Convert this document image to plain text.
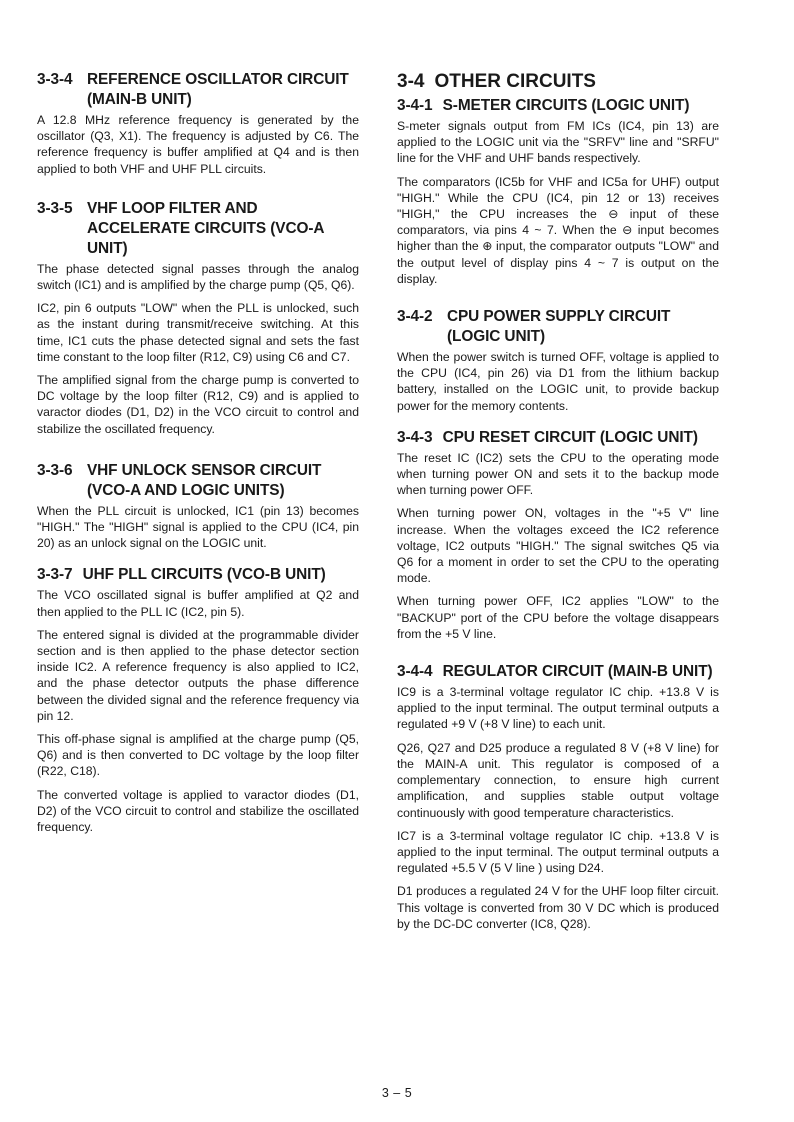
3-3-4 REFERENCE OSCILLATOR CIRCUIT (MAIN-B UNIT)

A 12.8 MHz reference frequency is generated by the oscillator (Q3, X1). The frequency is adjusted by C6. The reference frequency is buffer amplified at Q4 and is then applied to both VHF and UHF PLL circuits.

3-3-5 VHF LOOP FILTER AND ACCELERATE CIRCUITS (VCO-A UNIT)

The phase detected signal passes through the analog switch (IC1) and is amplified by the charge pump (Q5, Q6).

IC2, pin 6 outputs "LOW" when the PLL is unlocked, such as the instant during transmit/receive switching. At this time, IC1 cuts the phase detected signal and sets the fast time constant to the loop filter (R12, C9) using C6 and C7.

The amplified signal from the charge pump is converted to DC voltage by the loop filter (R12, C9) and is applied to varactor diodes (D1, D2) in the VCO circuit to control and stabilize the oscillated frequency.

3-3-6 VHF UNLOCK SENSOR CIRCUIT (VCO-A AND LOGIC UNITS)

When the PLL circuit is unlocked, IC1 (pin 13) becomes "HIGH." The "HIGH" signal is applied to the CPU (IC4, pin 20) as an unlock signal on the LOGIC unit.

3-3-7 UHF PLL CIRCUITS (VCO-B UNIT)

The VCO oscillated signal is buffer amplified at Q2 and then applied to the PLL IC (IC2, pin 5).

The entered signal is divided at the programmable divider section and is then applied to the phase detector section inside IC2. A reference frequency is also applied to IC2, and the phase detector outputs the phase difference between the divided signal and the reference frequency via pin 12.

This off-phase signal is amplified at the charge pump (Q5, Q6) and is then converted to DC voltage by the loop filter (R22, C18).

The converted voltage is applied to varactor diodes (D1, D2) of the VCO circuit to control and stabilize the oscillated frequency.

3-4 OTHER CIRCUITS
3-4-1 S-METER CIRCUITS (LOGIC UNIT)

S-meter signals output from FM ICs (IC4, pin 13) are applied to the LOGIC unit via the "SRFV" line and "SRFU" line for the VHF and UHF bands respectively.

The comparators (IC5b for VHF and IC5a for UHF) output "HIGH." While the CPU (IC4, pin 12 or 13) receives "HIGH," the CPU increases the ⊖ input of these comparators, via pins 4 ~ 7. When the ⊖ input becomes higher than the ⊕ input, the comparator outputs "LOW" and the output level of display pins 4 ~ 7 is output on the display.

3-4-2 CPU POWER SUPPLY CIRCUIT (LOGIC UNIT)

When the power switch is turned OFF, voltage is applied to the CPU (IC4, pin 26) via D1 from the lithium backup battery, installed on the LOGIC unit, to provide backup power for the memory contents.

3-4-3 CPU RESET CIRCUIT (LOGIC UNIT)

The reset IC (IC2) sets the CPU to the operating mode when turning power ON and sets it to the backup mode when turning power OFF.

When turning power ON, voltages in the "+5 V" line increase. When the voltages exceed the IC2 reference voltage, IC2 outputs "HIGH." The signal switches Q5 via Q6 for a moment in order to set the CPU to the operating mode.

When turning power OFF, IC2 applies "LOW" to the "BACKUP" port of the CPU before the voltage disappears from the +5 V line.

3-4-4 REGULATOR CIRCUIT (MAIN-B UNIT)

IC9 is a 3-terminal voltage regulator IC chip. +13.8 V is applied to the input terminal. The output terminal outputs a regulated +9 V (+8 V line) to each unit.

Q26, Q27 and D25 produce a regulated 8 V (+8 V line) for the MAIN-A unit. This regulator is composed of a complementary connection, to ensure high current amplification, and supplies stable output voltage continuously with good temperature characteristics.

IC7 is a 3-terminal voltage regulator IC chip. +13.8 V is applied to the input terminal. The output terminal outputs a regulated +5.5 V (5 V line ) using D24.

D1 produces a regulated 24 V for the UHF loop filter circuit. This voltage is converted from 30 V DC which is produced by the DC-DC converter (IC8, Q28).

3 – 5
